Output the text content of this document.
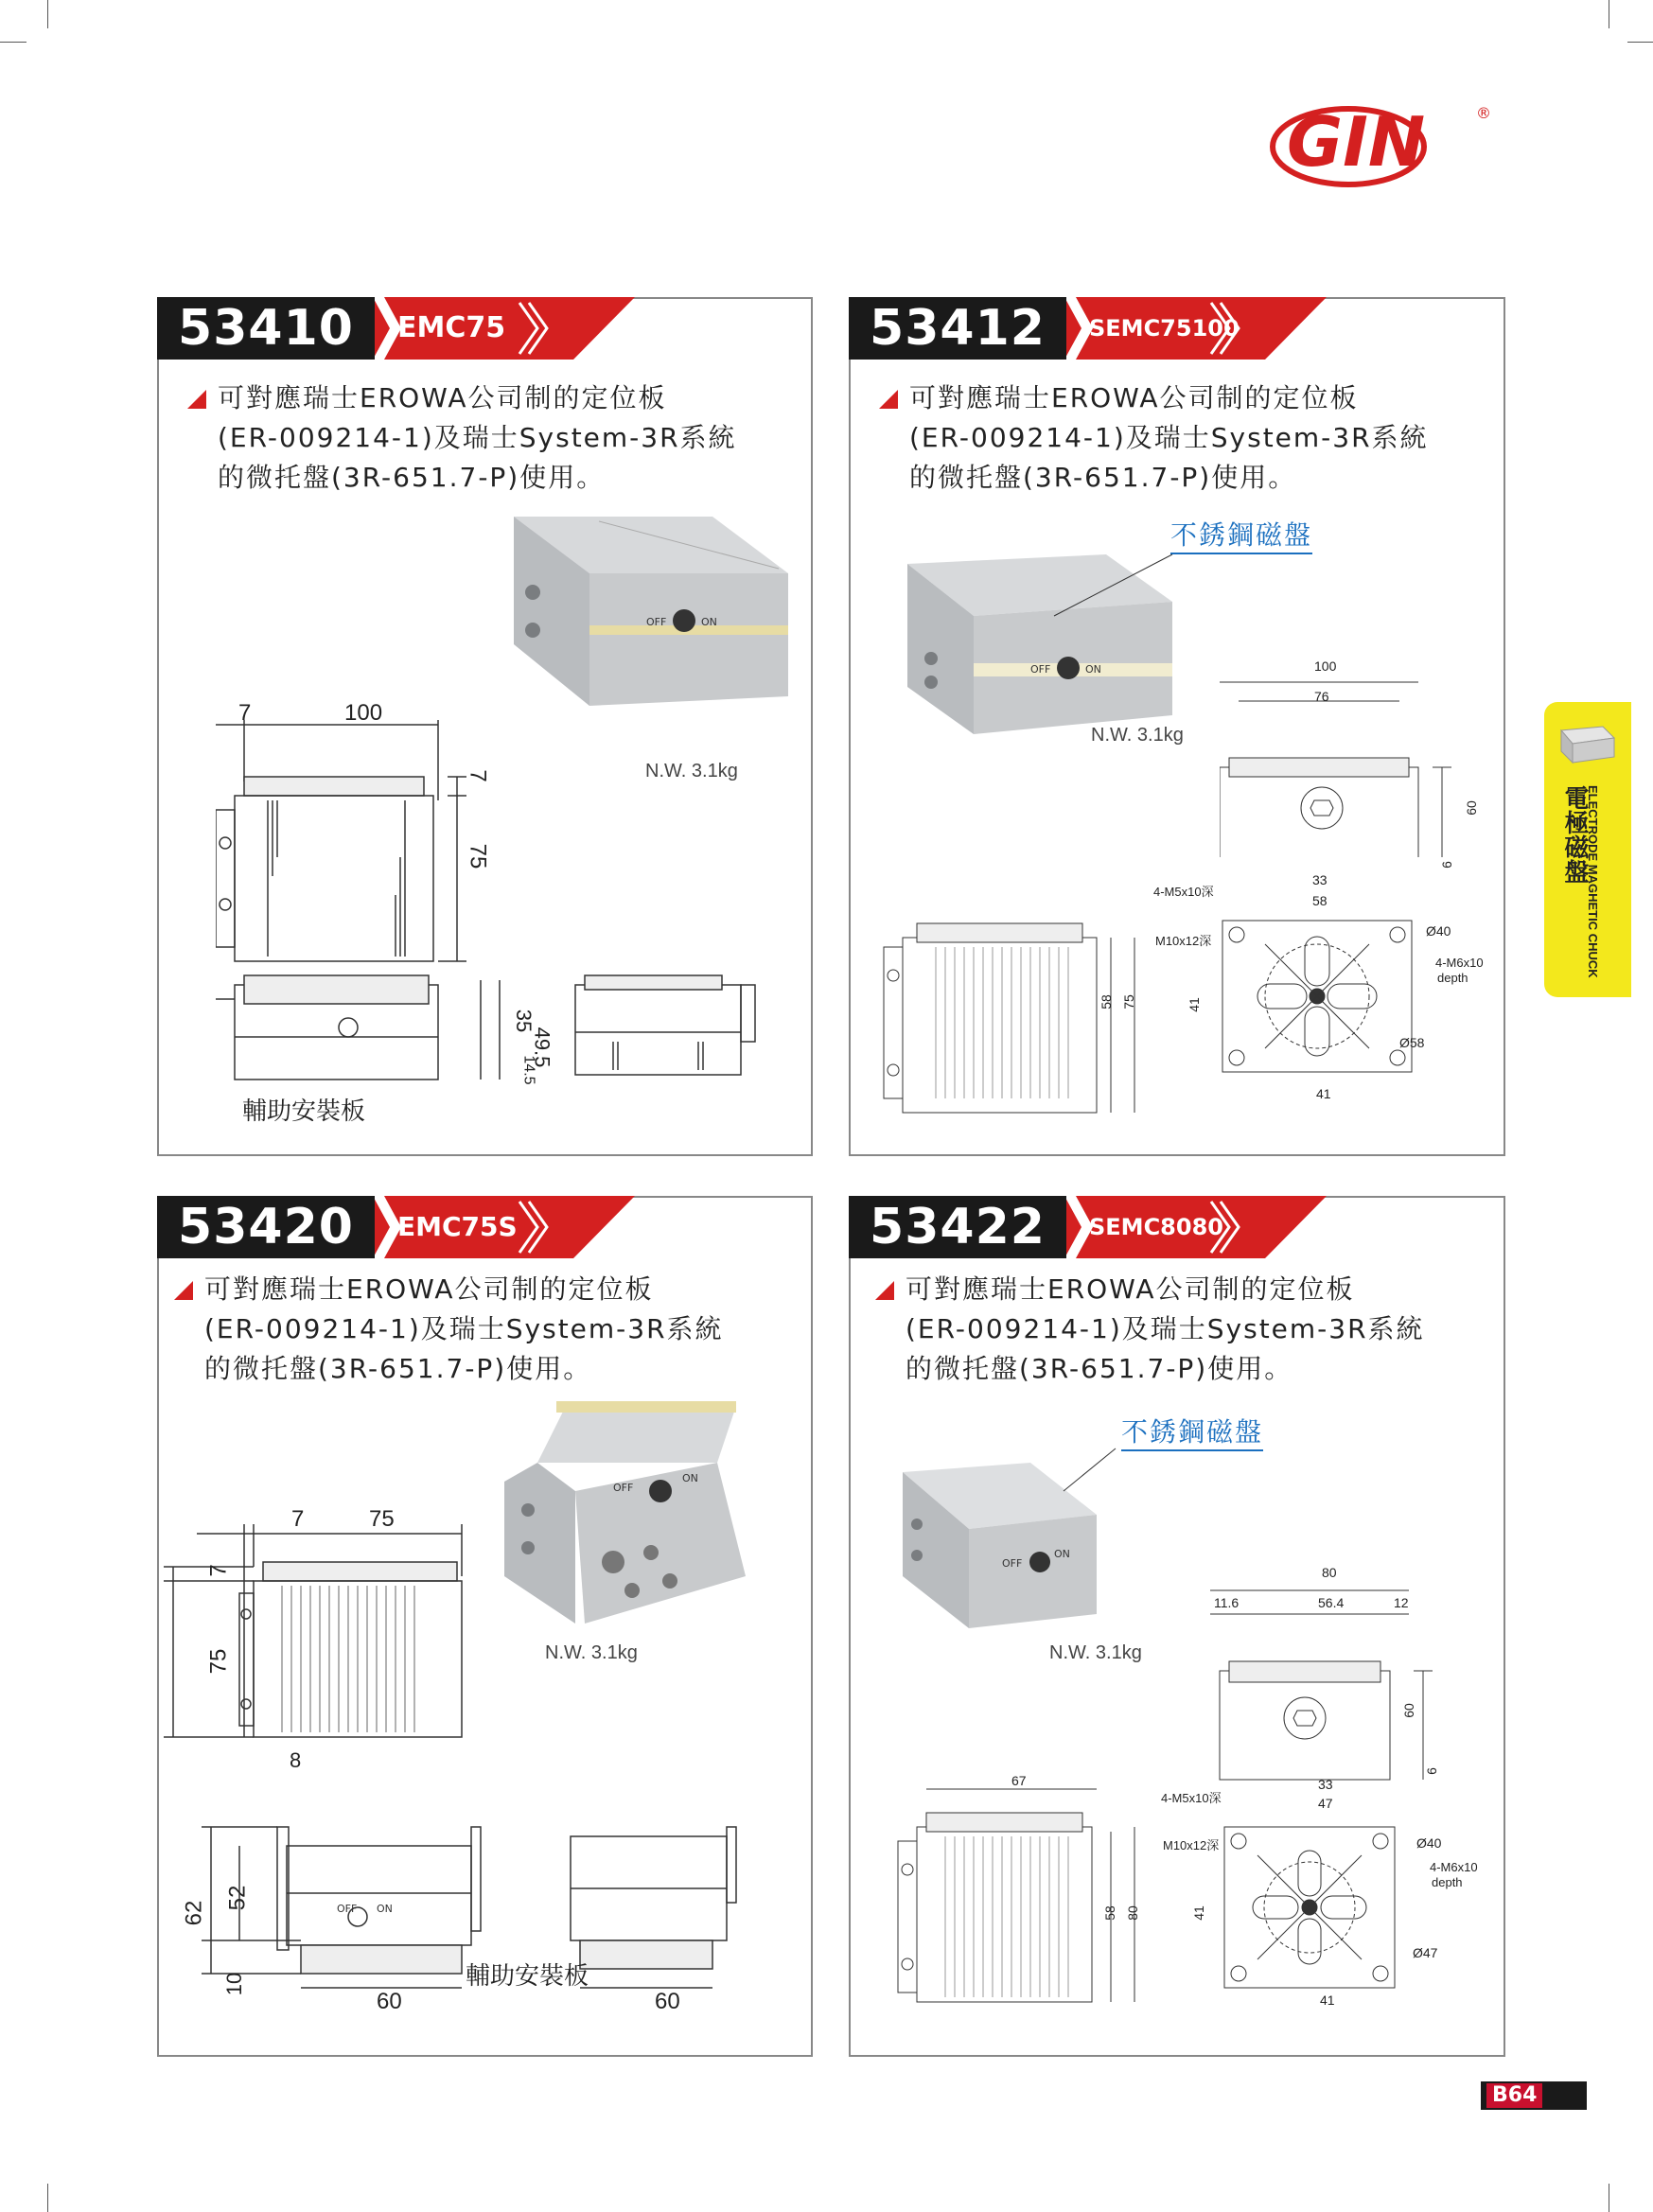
GIN	®
53410	EMC75
可對應瑞士EROWA公司制的定位板
(ER-009214-1)及瑞士System-3R系統
的微托盤(3R-651.7-P)使用。
OFF	ON
7	100
7
75
35
49.5
14.5
N.W. 3.1kg
輔助安裝板
53412	SEMC75100
可對應瑞士EROWA公司制的定位板
(ER-009214-1)及瑞士System-3R系統
的微托盤(3R-651.7-P)使用。
不銹鋼磁盤
OFF	ON
N.W. 3.1kg
100
76
60
6
33
58
4-M5x10深
M10x12深
Ø40
4-M6x10
depth
41
Ø58
41
58 75
53420	EMC75S
可對應瑞士EROWA公司制的定位板
(ER-009214-1)及瑞士System-3R系統
的微托盤(3R-651.7-P)使用。
OFF
ON
N.W. 3.1kg
7	75
7
75
8
OFF ON
62
52
10
60
輔助安裝板
60
53422	SEMC8080
可對應瑞士EROWA公司制的定位板
(ER-009214-1)及瑞士System-3R系統
的微托盤(3R-651.7-P)使用。
不銹鋼磁盤
OFF
ON
N.W. 3.1kg
80
11.6	56.4	12
60
6
33
47
67
4-M5x10深
M10x12深	Ø40
4-M6x10
depth
41
Ø47
41
58 80
ELECTRODE MAGHETIC CHUCK
電極磁盤
B64
